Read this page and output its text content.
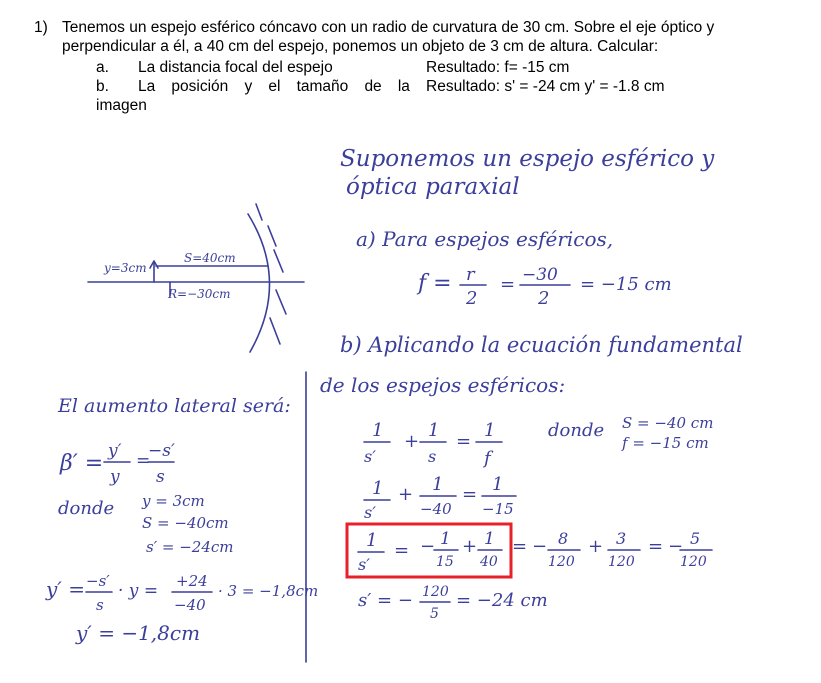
1) Tenemos un espejo esférico cóncavo con un radio de curvatura de 30 cm. Sobre el eje óptico y perpendicular a él, a 40 cm del espejo, ponemos un objeto de 3 cm de altura. Calcular:
a. La distancia focal del espejo	Resultado: f= -15 cm
b. La posición y el tamaño de la Resultado: s' = -24 cm y' = -1.8 cm
imagen
Suponemos un espejo esférico y
óptica paraxial
y=3cm
S=40cm
R=−30cm
a) Para espejos esféricos,
f = r
2
= −30
2
= −15 cm
b) Aplicando la ecuación fundamental
de los espejos esféricos:
1
s′
+
1
s
=
1
f
donde S = −40 cm
f = −15 cm
1
s′
+ 1
−40
= 1
−15
1
s′
= − 1
15
+ 1
40
= − 8
120
+ 3
120
= − 5
120
s′ = − 120
5
= −24 cm
El aumento lateral será:
β′ = y′
y
=
−s′
s
donde y = 3cm
S = −40cm
s′ = −24cm
y′ = −s′
s
· y = +24
−40
· 3 = −1,8cm
y′ = −1,8cm
